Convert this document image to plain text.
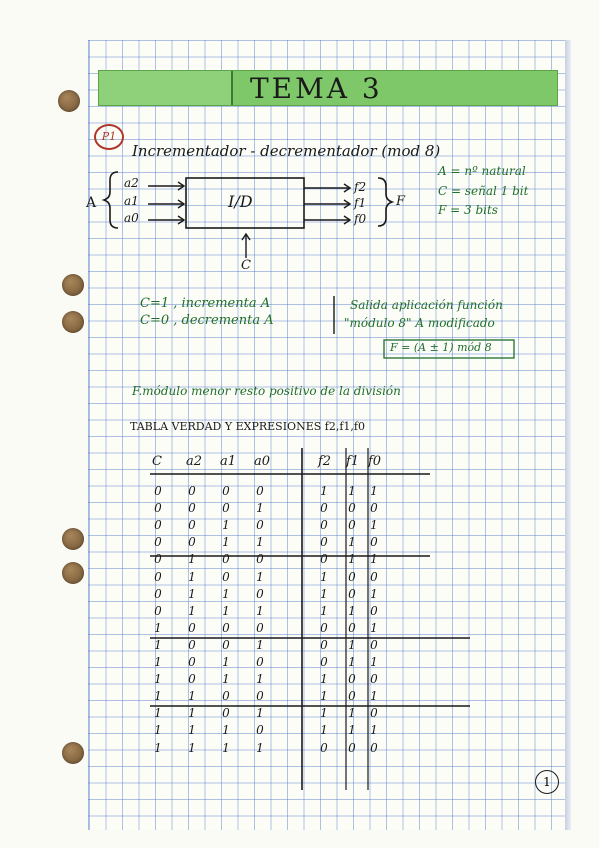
TEMA 3
P1
Incrementador - decrementador (mod 8)
A
a2
a1
a0
I/D
f2
f1
f0
F
C
A = nº natural
C = señal 1 bit
F = 3 bits
C=1 , incrementa A
C=0 , decrementa A
Salida aplicación función
"módulo 8" A modificado
F = (A ± 1) mód 8
F.módulo menor resto positivo de la división
TABLA VERDAD Y EXPRESIONES f2,f1,f0
C a2 a1 a0	f2 f1 f0
0	0	0	0	1	1	1
0	0	0	1	0	0	0
0	0	1	0	0	0	1
0	0	1	1	0	1	0
0	1	0	0	0	1	1
0	1	0	1	1	0	0
0	1	1	0	1	0	1
0	1	1	1	1	1	0
1	0	0	0	0	0	1
1	0	0	1	0	1	0
1	0	1	0	0	1	1
1	0	1	1	1	0	0
1	1	0	0	1	0	1
1	1	0	1	1	1	0
1	1	1	0	1	1	1
1	1	1	1	0	0	0
1
